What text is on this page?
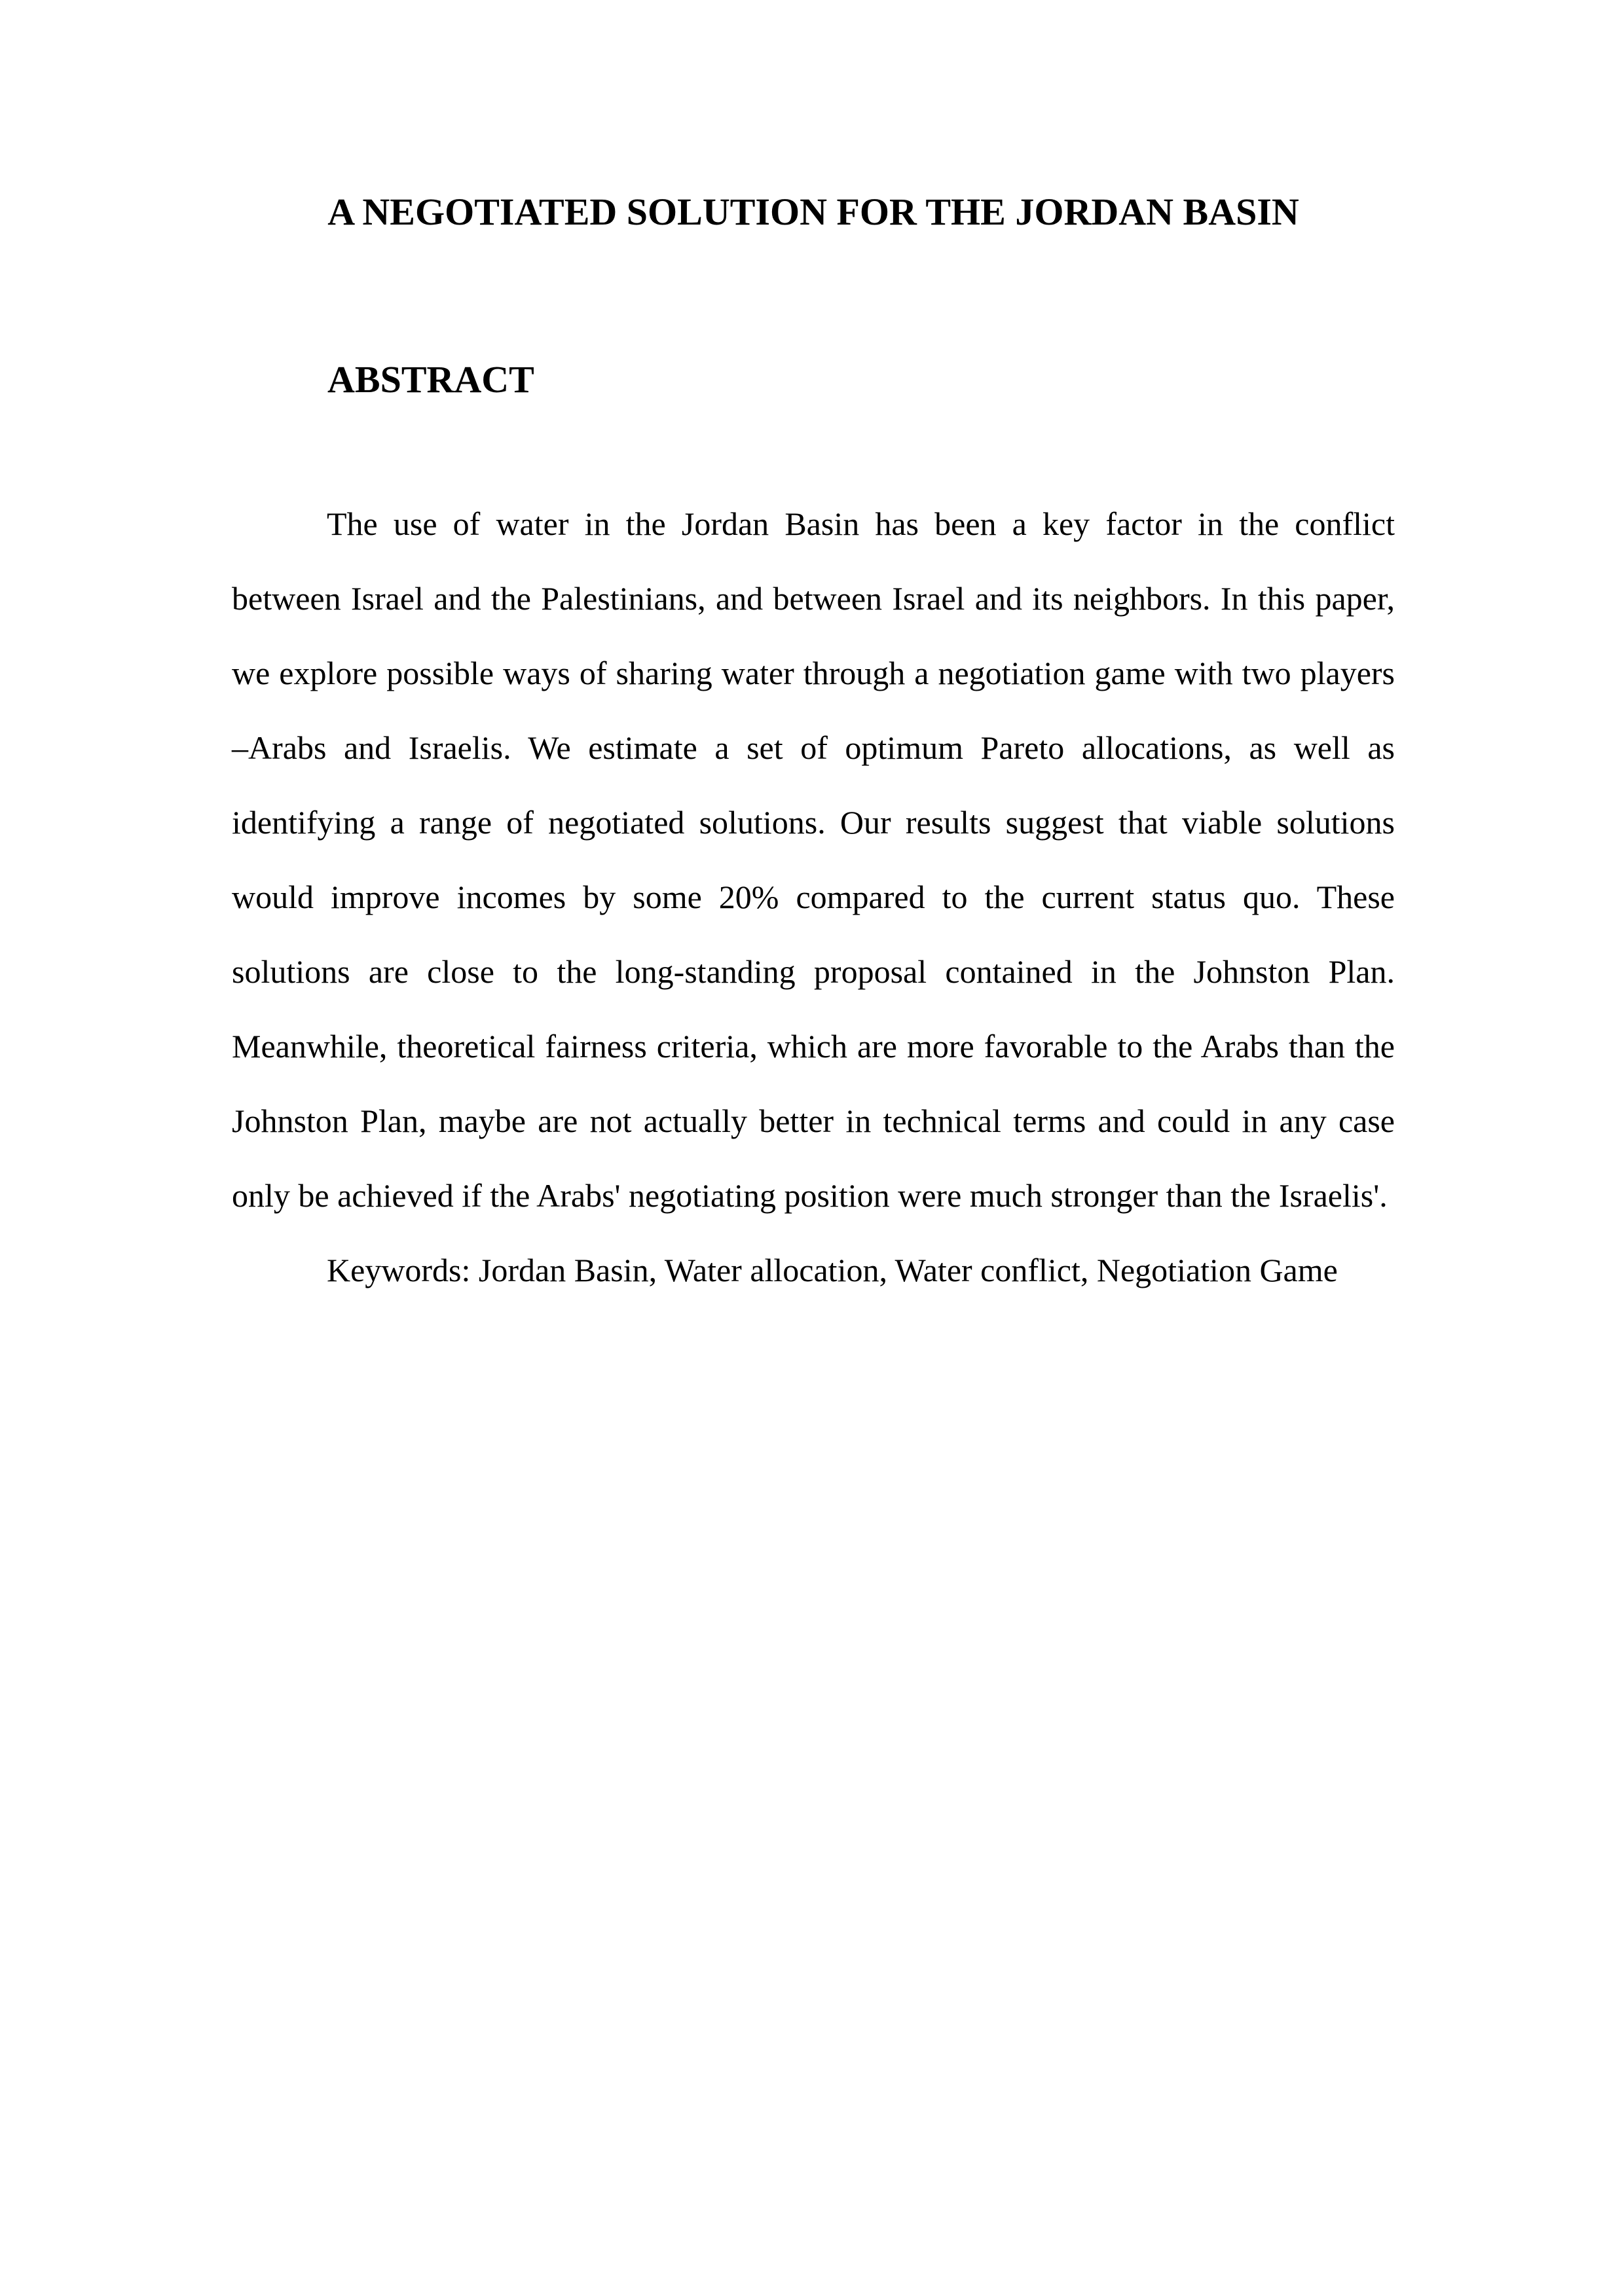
A NEGOTIATED SOLUTION FOR THE JORDAN BASIN
ABSTRACT
The use of water in the Jordan Basin has been a key factor in the conflict
between Israel and the Palestinians, and between Israel and its neighbors. In this paper,
we explore possible ways of sharing water through a negotiation game with two players
–Arabs and Israelis. We estimate a set of optimum Pareto allocations, as well as
identifying a range of negotiated solutions. Our results suggest that viable solutions
would improve incomes by some 20% compared to the current status quo. These
solutions are close to the long-standing proposal contained in the Johnston Plan.
Meanwhile, theoretical fairness criteria, which are more favorable to the Arabs than the
Johnston Plan, maybe are not actually better in technical terms and could in any case
only be achieved if the Arabs' negotiating position were much stronger than the Israelis'.
Keywords: Jordan Basin, Water allocation, Water conflict, Negotiation Game
